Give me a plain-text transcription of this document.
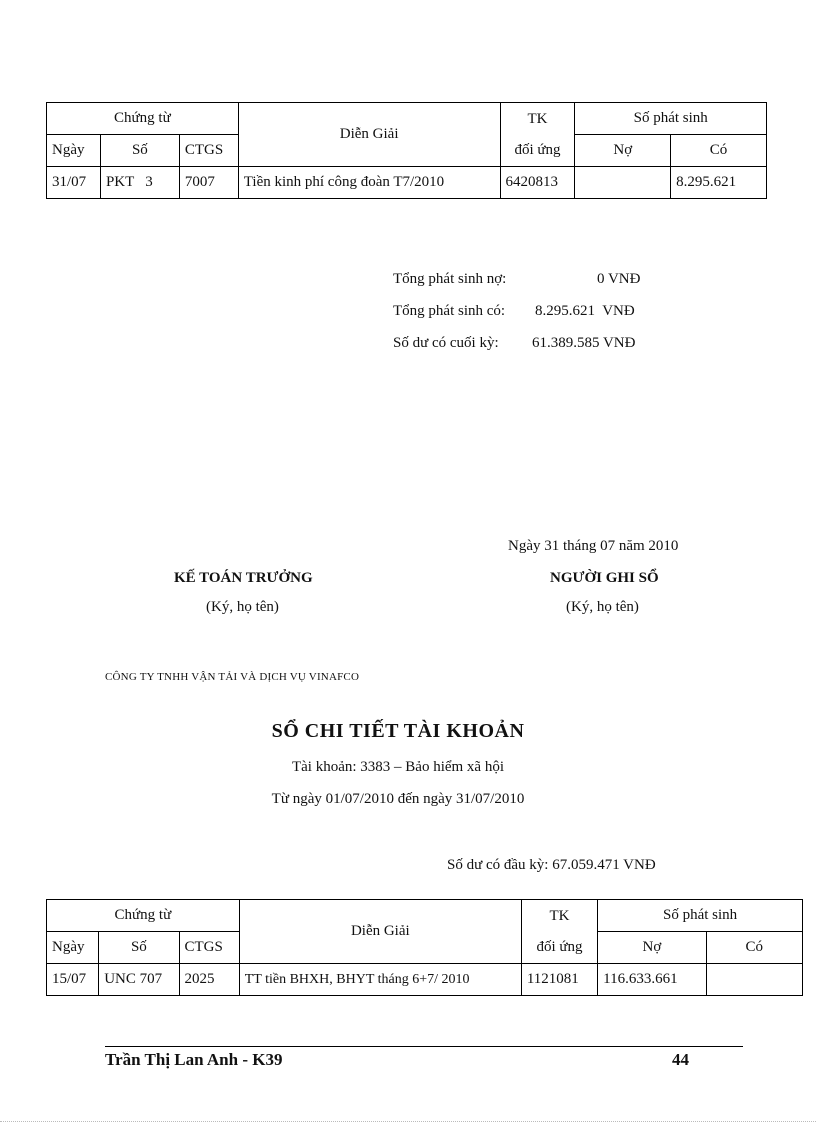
Chứng từ			Diễn Giải	TK
đối ứng	Số phát sinh	
Ngày	Số	CTGS			Nợ	Có
31/07	PKT   3	7007	Tiền kinh phí công đoàn T7/2010	6420813		8.295.621
Tổng phát sinh nợ:	0 VNĐ
Tổng phát sinh có: 8.295.621  VNĐ
Số dư có cuối kỳ: 61.389.585 VNĐ
Ngày 31 tháng 07 năm 2010
KẾ TOÁN TRƯỞNG
(Ký, họ tên)
NGƯỜI GHI SỔ
(Ký, họ tên)
CÔNG TY TNHH VẬN TẢI VÀ DỊCH VỤ VINAFCO
SỔ CHI TIẾT TÀI KHOẢN
Tài khoản: 3383 – Bảo hiểm xã hội
Từ ngày 01/07/2010 đến ngày 31/07/2010
Số dư có đầu kỳ: 67.059.471 VNĐ
Chứng từ			Diễn Giải	TK
đối ứng	Số phát sinh	
Ngày	Số	CTGS			Nợ	Có
15/07	UNC 707	2025	TT tiền BHXH, BHYT tháng 6+7/ 2010	1121081	116.633.661	
Trần Thị Lan Anh - K39	44
